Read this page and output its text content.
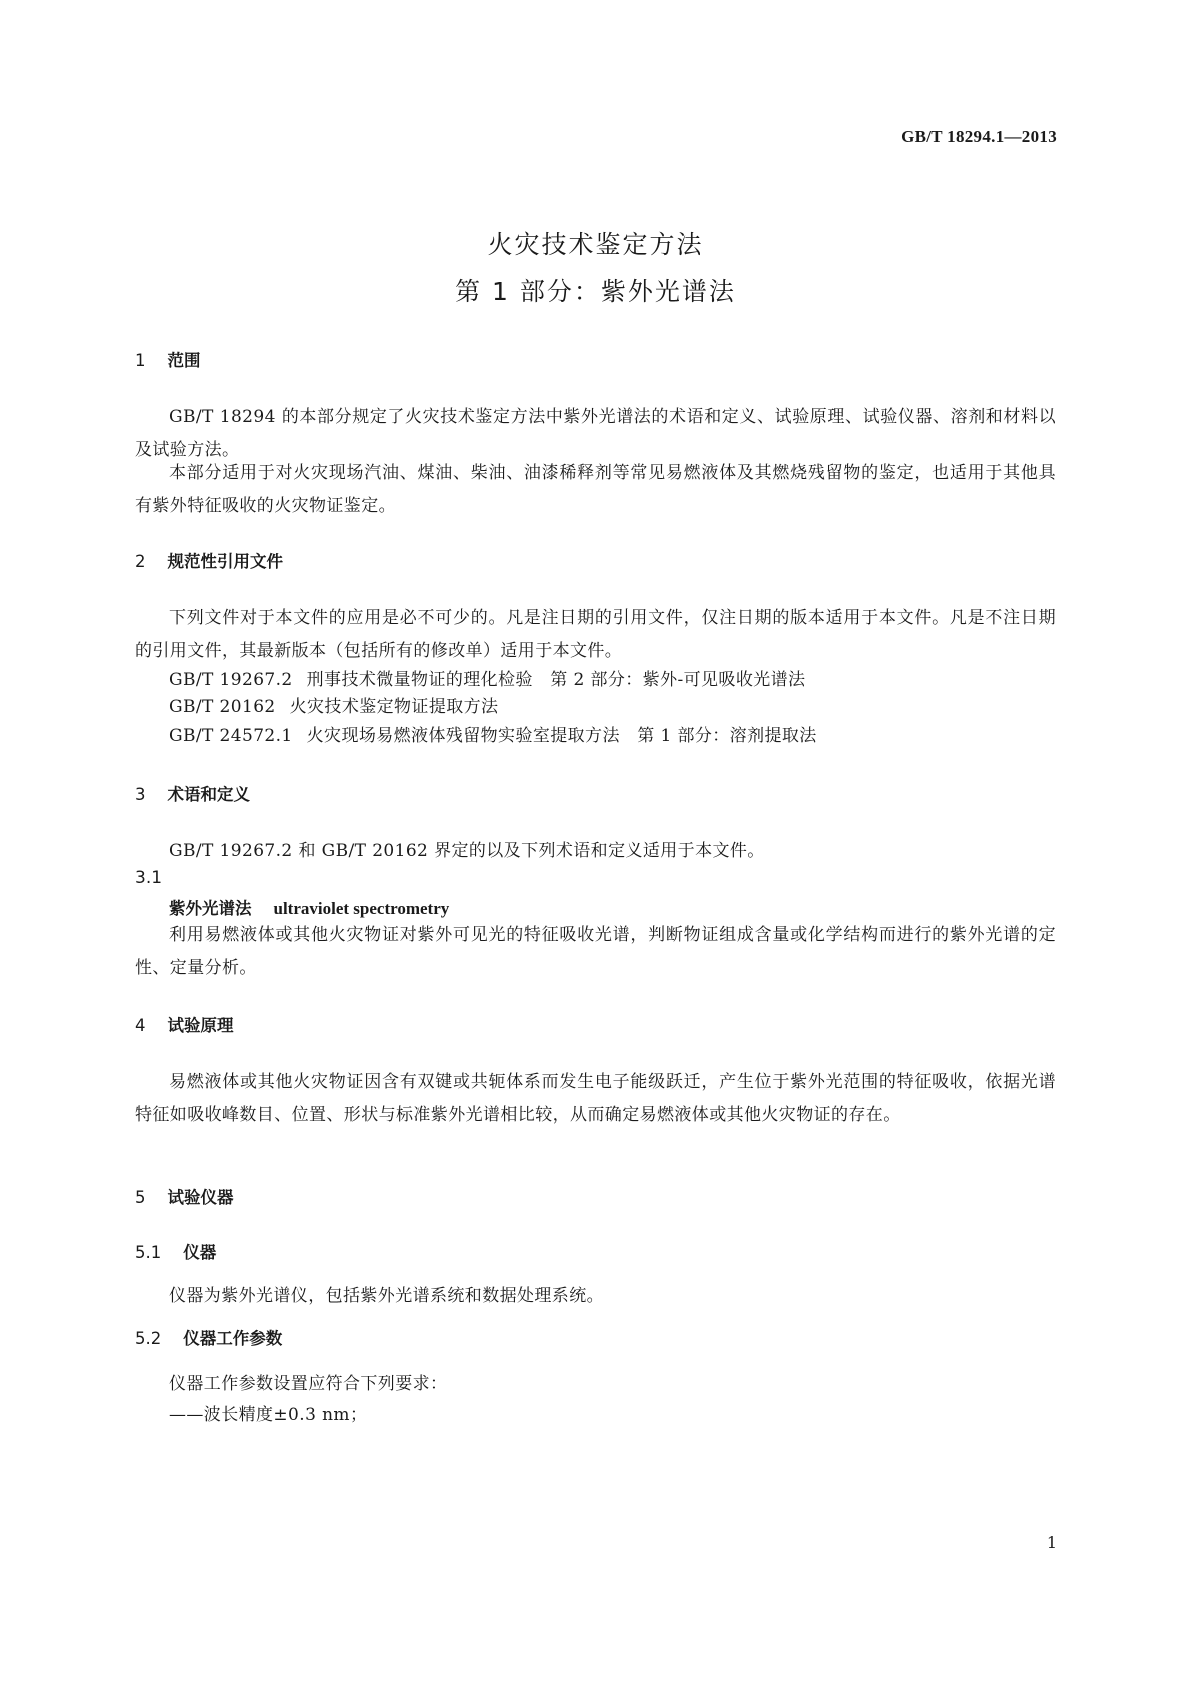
GB/T 18294.1—2013
火灾技术鉴定方法
第 1 部分：紫外光谱法
1 范围
GB/T 18294 的本部分规定了火灾技术鉴定方法中紫外光谱法的术语和定义、试验原理、试验仪器、溶剂和材料以及试验方法。
本部分适用于对火灾现场汽油、煤油、柴油、油漆稀释剂等常见易燃液体及其燃烧残留物的鉴定，也适用于其他具有紫外特征吸收的火灾物证鉴定。
2 规范性引用文件
下列文件对于本文件的应用是必不可少的。凡是注日期的引用文件，仅注日期的版本适用于本文件。凡是不注日期的引用文件，其最新版本（包括所有的修改单）适用于本文件。
GB/T 19267.2 刑事技术微量物证的理化检验　第 2 部分：紫外-可见吸收光谱法
GB/T 20162 火灾技术鉴定物证提取方法
GB/T 24572.1 火灾现场易燃液体残留物实验室提取方法　第 1 部分：溶剂提取法
3 术语和定义
GB/T 19267.2 和 GB/T 20162 界定的以及下列术语和定义适用于本文件。
3.1
紫外光谱法 ultraviolet spectrometry
利用易燃液体或其他火灾物证对紫外可见光的特征吸收光谱，判断物证组成含量或化学结构而进行的紫外光谱的定性、定量分析。
4 试验原理
易燃液体或其他火灾物证因含有双键或共轭体系而发生电子能级跃迁，产生位于紫外光范围的特征吸收，依据光谱特征如吸收峰数目、位置、形状与标准紫外光谱相比较，从而确定易燃液体或其他火灾物证的存在。
5 试验仪器
5.1 仪器
仪器为紫外光谱仪，包括紫外光谱系统和数据处理系统。
5.2 仪器工作参数
仪器工作参数设置应符合下列要求：
——波长精度±0.3 nm；
1
